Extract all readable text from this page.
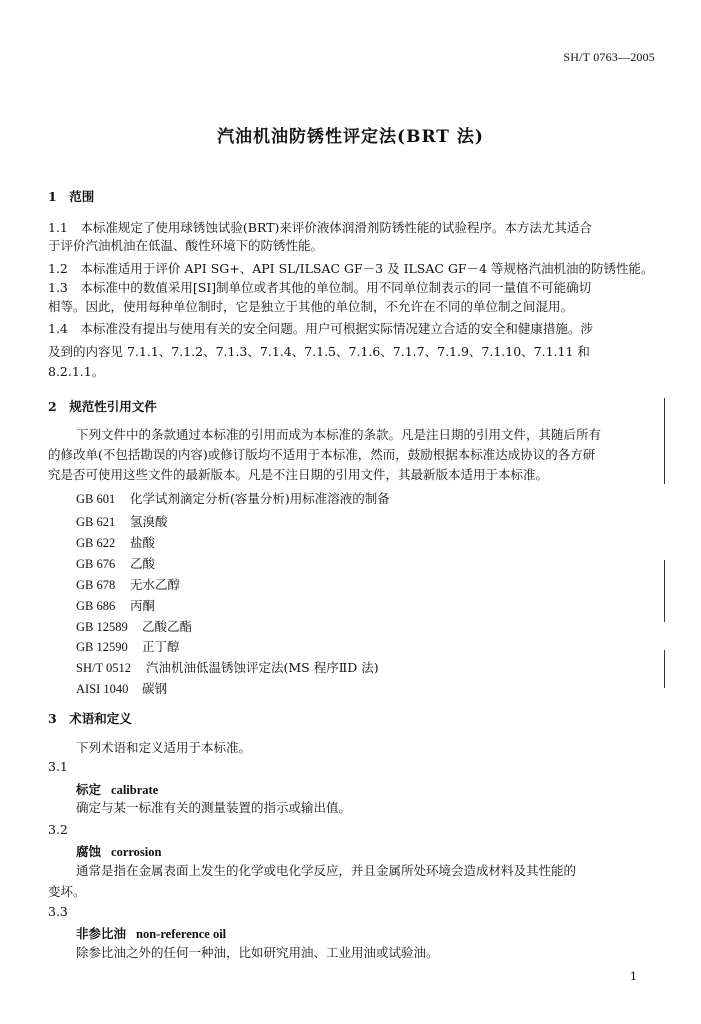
SH/T 0763—2005
汽油机油防锈性评定法(BRT 法)
1　范围
1.1　本标准规定了使用球锈蚀试验(BRT)来评价液体润滑剂防锈性能的试验程序。本方法尤其适合
于评价汽油机油在低温、酸性环境下的防锈性能。
1.2　本标准适用于评价 API SG+、API SL/ILSAC GF－3 及 ILSAC GF－4 等规格汽油机油的防锈性能。
1.3　本标准中的数值采用[SI]制单位或者其他的单位制。用不同单位制表示的同一量值不可能确切
相等。因此，使用每种单位制时，它是独立于其他的单位制，不允许在不同的单位制之间混用。
1.4　本标准没有提出与使用有关的安全问题。用户可根据实际情况建立合适的安全和健康措施。涉
及到的内容见 7.1.1、7.1.2、7.1.3、7.1.4、7.1.5、7.1.6、7.1.7、7.1.9、7.1.10、7.1.11 和
8.2.1.1。
2　规范性引用文件
下列文件中的条款通过本标准的引用而成为本标准的条款。凡是注日期的引用文件，其随后所有
的修改单(不包括勘误的内容)或修订版均不适用于本标准，然而，鼓励根据本标准达成协议的各方研
究是否可使用这些文件的最新版本。凡是不注日期的引用文件，其最新版本适用于本标准。
GB 601 化学试剂滴定分析(容量分析)用标准溶液的制备
GB 621 氢溴酸
GB 622 盐酸
GB 676 乙酸
GB 678 无水乙醇
GB 686 丙酮
GB 12589 乙酸乙酯
GB 12590 正丁醇
SH/T 0512 汽油机油低温锈蚀评定法(MS 程序ⅡD 法)
AISI 1040 碳钢
3　术语和定义
下列术语和定义适用于本标准。
3.1
标定 calibrate
确定与某一标准有关的测量装置的指示或输出值。
3.2
腐蚀 corrosion
通常是指在金属表面上发生的化学或电化学反应，并且金属所处环境会造成材料及其性能的
变坏。
3.3
非参比油 non-reference oil
除参比油之外的任何一种油，比如研究用油、工业用油或试验油。
1
